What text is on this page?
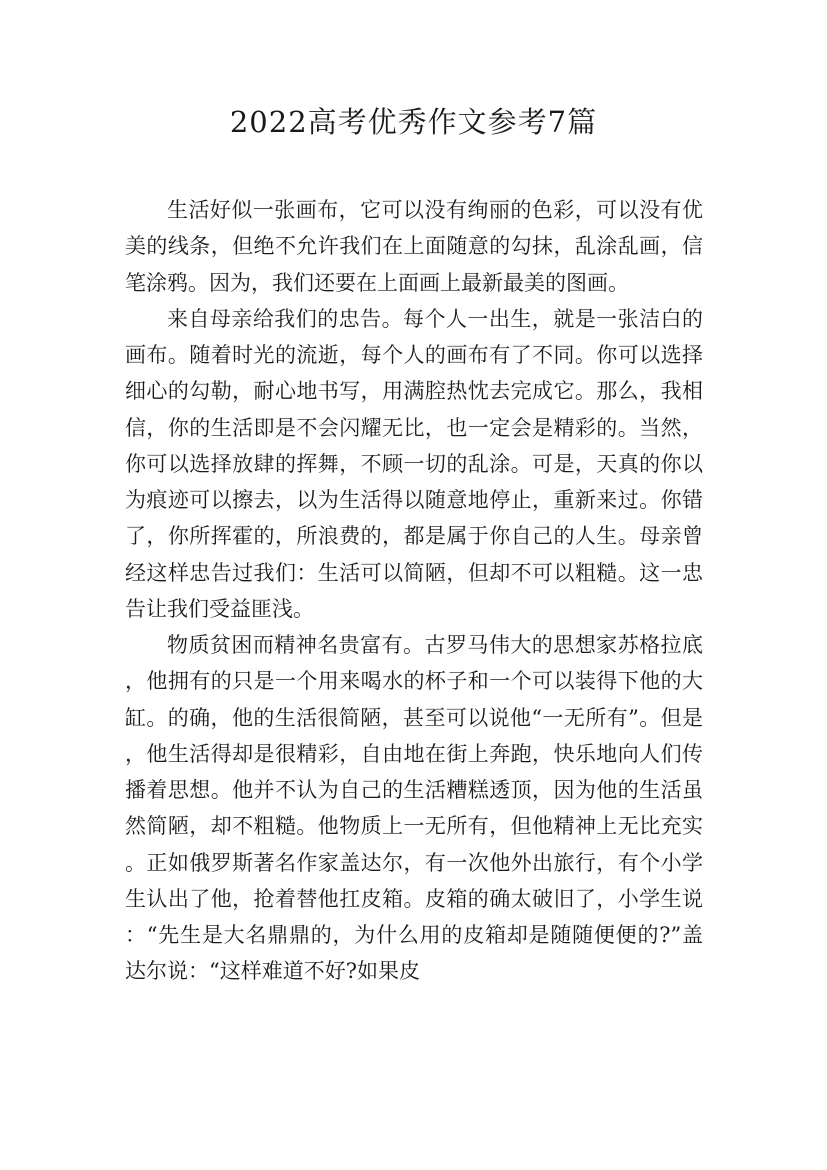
2022高考优秀作文参考7篇

生活好似一张画布，它可以没有绚丽的色彩，可以没有优美的线条，但绝不允许我们在上面随意的勾抹，乱涂乱画，信笔涂鸦。因为，我们还要在上面画上最新最美的图画。

来自母亲给我们的忠告。每个人一出生，就是一张洁白的画布。随着时光的流逝，每个人的画布有了不同。你可以选择细心的勾勒，耐心地书写，用满腔热忱去完成它。那么，我相信，你的生活即是不会闪耀无比，也一定会是精彩的。当然，你可以选择放肆的挥舞，不顾一切的乱涂。可是，天真的你以为痕迹可以擦去，以为生活得以随意地停止，重新来过。你错了，你所挥霍的，所浪费的，都是属于你自己的人生。母亲曾经这样忠告过我们：生活可以简陋，但却不可以粗糙。这一忠告让我们受益匪浅。

物质贫困而精神名贵富有。古罗马伟大的思想家苏格拉底，他拥有的只是一个用来喝水的杯子和一个可以装得下他的大缸。的确，他的生活很简陋，甚至可以说他“一无所有”。但是，他生活得却是很精彩，自由地在街上奔跑，快乐地向人们传播着思想。他并不认为自己的生活糟糕透顶，因为他的生活虽然简陋，却不粗糙。他物质上一无所有，但他精神上无比充实。正如俄罗斯著名作家盖达尔，有一次他外出旅行，有个小学生认出了他，抢着替他扛皮箱。皮箱的确太破旧了，小学生说：“先生是大名鼎鼎的，为什么用的皮箱却是随随便便的?”盖达尔说：“这样难道不好?如果皮
